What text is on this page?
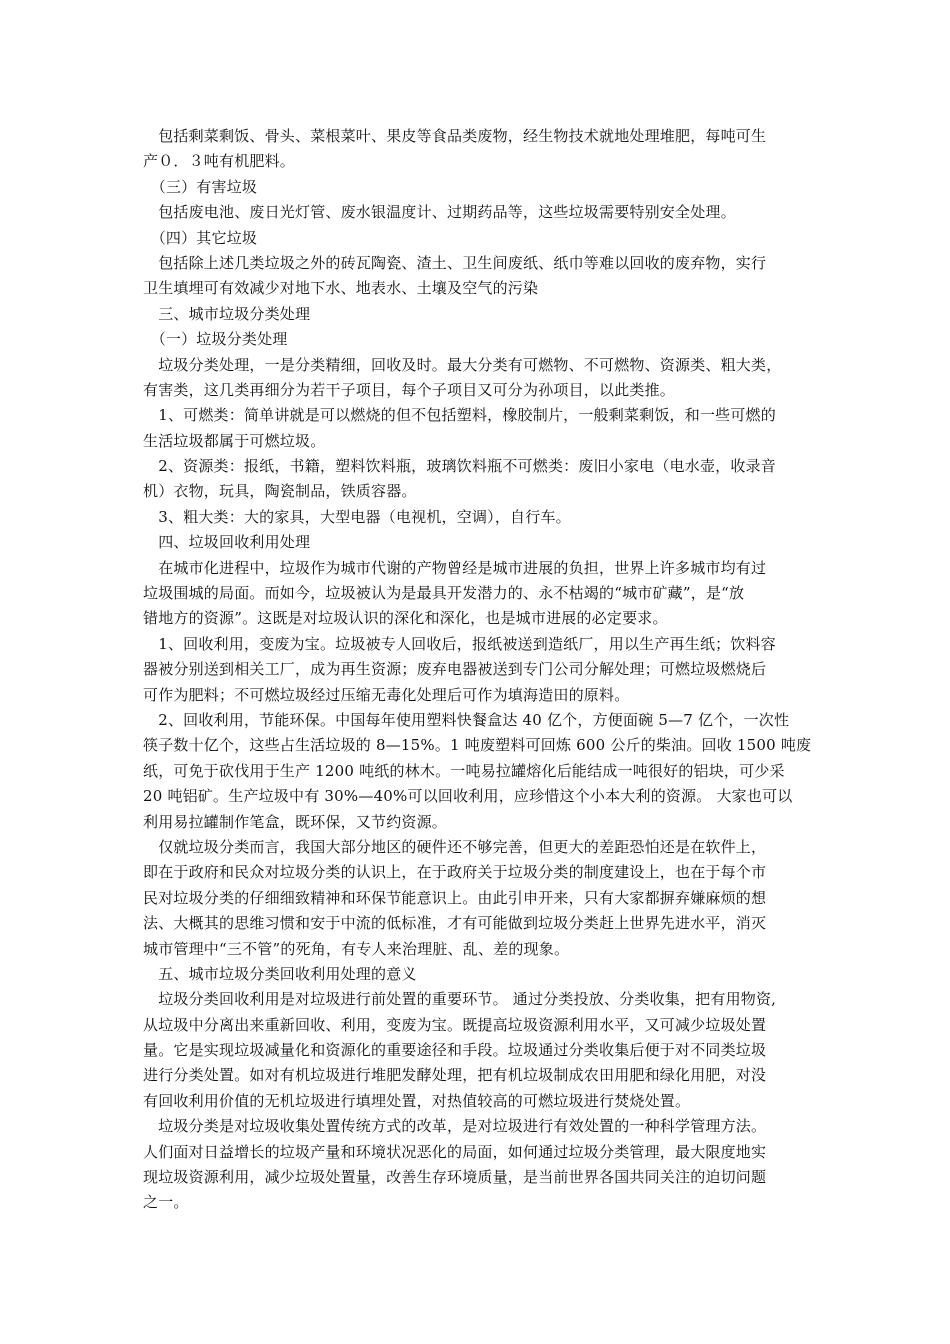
　包括剩菜剩饭、骨头、菜根菜叶、果皮等食品类废物，经生物技术就地处理堆肥，每吨可生
产０．３吨有机肥料。

　（三）有害垃圾

　包括废电池、废日光灯管、废水银温度计、过期药品等，这些垃圾需要特别安全处理。

　（四）其它垃圾

　包括除上述几类垃圾之外的砖瓦陶瓷、渣土、卫生间废纸、纸巾等难以回收的废弃物，实行
卫生填埋可有效减少对地下水、地表水、土壤及空气的污染

　三、城市垃圾分类处理

　（一）垃圾分类处理

　垃圾分类处理，一是分类精细，回收及时。最大分类有可燃物、不可燃物、资源类、粗大类，
有害类，这几类再细分为若干子项目，每个子项目又可分为孙项目，以此类推。

　1、可燃类：简单讲就是可以燃烧的但不包括塑料，橡胶制片，一般剩菜剩饭，和一些可燃的
生活垃圾都属于可燃垃圾。

　2、资源类：报纸，书籍，塑料饮料瓶，玻璃饮料瓶不可燃类：废旧小家电（电水壶，收录音
机）衣物，玩具，陶瓷制品，铁质容器。

　3、粗大类：大的家具，大型电器（电视机，空调），自行车。

　四、垃圾回收利用处理

　在城市化进程中，垃圾作为城市代谢的产物曾经是城市进展的负担，世界上许多城市均有过
垃圾围城的局面。而如今，垃圾被认为是最具开发潜力的、永不枯竭的“城市矿藏”，是“放
错地方的资源”。这既是对垃圾认识的深化和深化，也是城市进展的必定要求。

　1、回收利用，变废为宝。垃圾被专人回收后，报纸被送到造纸厂，用以生产再生纸；饮料容
器被分别送到相关工厂，成为再生资源；废弃电器被送到专门公司分解处理；可燃垃圾燃烧后
可作为肥料；不可燃垃圾经过压缩无毒化处理后可作为填海造田的原料。

　2、回收利用，节能环保。中国每年使用塑料快餐盒达 40 亿个，方便面碗 5—7 亿个，一次性
筷子数十亿个，这些占生活垃圾的 8—15%。1 吨废塑料可回炼 600 公斤的柴油。回收 1500 吨废
纸，可免于砍伐用于生产 1200 吨纸的林木。一吨易拉罐熔化后能结成一吨很好的铝块，可少采
20 吨铝矿。生产垃圾中有 30%—40%可以回收利用，应珍惜这个小本大利的资源。 大家也可以
利用易拉罐制作笔盒，既环保，又节约资源。

　仅就垃圾分类而言，我国大部分地区的硬件还不够完善，但更大的差距恐怕还是在软件上，
即在于政府和民众对垃圾分类的认识上，在于政府关于垃圾分类的制度建设上，也在于每个市
民对垃圾分类的仔细细致精神和环保节能意识上。由此引申开来，只有大家都摒弃嫌麻烦的想
法、大概其的思维习惯和安于中流的低标准，才有可能做到垃圾分类赶上世界先进水平，消灭
城市管理中“三不管”的死角，有专人来治理脏、乱、差的现象。

　五、城市垃圾分类回收利用处理的意义

　垃圾分类回收利用是对垃圾进行前处置的重要环节。 通过分类投放、分类收集，把有用物资,
从垃圾中分离出来重新回收、利用，变废为宝。既提高垃圾资源利用水平，又可减少垃圾处置
量。它是实现垃圾减量化和资源化的重要途径和手段。垃圾通过分类收集后便于对不同类垃圾
进行分类处置。如对有机垃圾进行堆肥发酵处理，把有机垃圾制成农田用肥和绿化用肥，对没
有回收利用价值的无机垃圾进行填埋处置，对热值较高的可燃垃圾进行焚烧处置。

　垃圾分类是对垃圾收集处置传统方式的改革，是对垃圾进行有效处置的一种科学管理方法。
人们面对日益增长的垃圾产量和环境状况恶化的局面，如何通过垃圾分类管理，最大限度地实
现垃圾资源利用，减少垃圾处置量，改善生存环境质量，是当前世界各国共同关注的迫切问题
之一。
